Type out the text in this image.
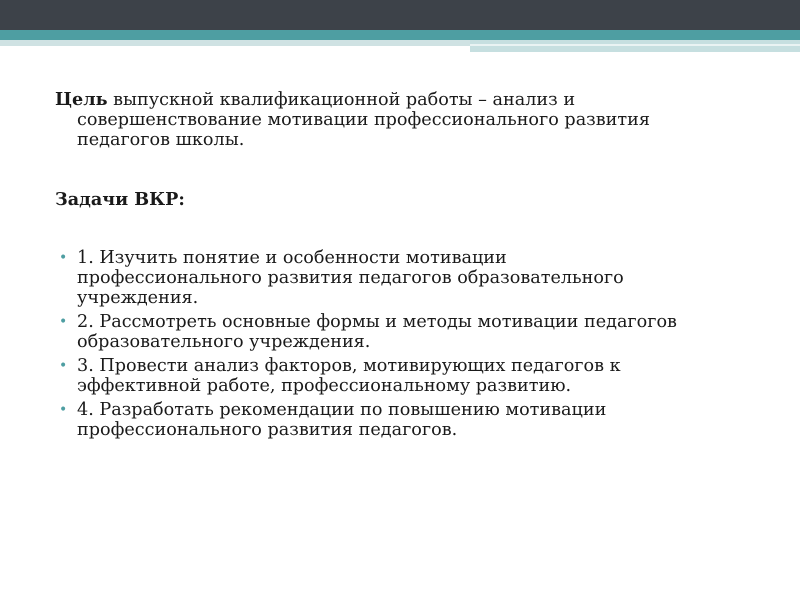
Цель выпускной квалификационной работы – анализ и
совершенствование мотивации профессионального развития
педагогов школы.

Задачи ВКР:

• 1. Изучить понятие и особенности мотивации
профессионального развития педагогов образовательного
учреждения.
• 2. Рассмотреть основные формы и методы мотивации педагогов
образовательного учреждения.
• 3. Провести анализ факторов, мотивирующих педагогов к
эффективной работе, профессиональному развитию.
• 4. Разработать рекомендации по повышению мотивации
профессионального развития педагогов.
